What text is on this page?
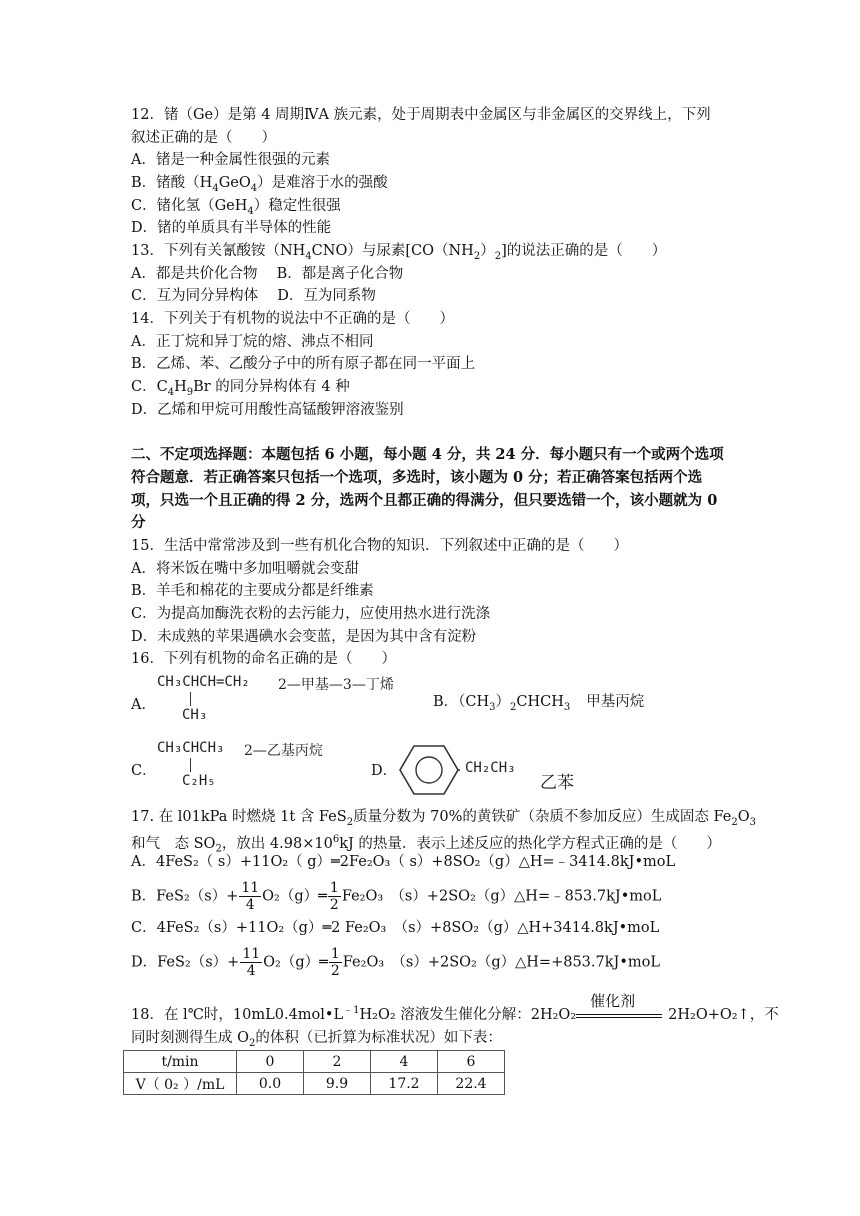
12．锗（Ge）是第 4 周期ⅣA 族元素，处于周期表中金属区与非金属区的交界线上，下列
叙述正确的是（　　）
A．锗是一种金属性很强的元素
B．锗酸$(H_4GeO_4)$是难溶于水的强酸
C．锗化氢（GeH$_4$）稳定性很强
D．锗的单质具有半导体的性能
13．下列有关氰酸铵$(NH_4CNO)$与尿素$[CO(NH_2)_2]$的说法正确的是（　　）
A．都是共价化合物　 B．都是离子化合物
C．互为同分异构体　 D．互为同系物
14．下列关于有机物的说法中不正确的是（　　）
A．正丁烷和异丁烷的熔、沸点不相同
B．乙烯、苯、乙酸分子中的所有原子都在同一平面上
C．$C_4H_9Br$ 的同分异构体有 4 种
D．乙烯和甲烷可用酸性高锰酸钾溶液鉴别
二、不定项选择题：本题包括 6 小题，每小题 4 分，共 24 分．每小题只有一个或两个选项
符合题意．若正确答案只包括一个选项，多选时，该小题为 0 分；若正确答案包括两个选
项，只选一个且正确的得 2 分，选两个且都正确的得满分，但只要选错一个，该小题就为 0
分
15．生活中常常涉及到一些有机化合物的知识．下列叙述中正确的是（　　）
A．将米饭在嘴中多加咀嚼就会变甜
B．羊毛和棉花的主要成分都是纤维素
C．为提高加酶洗衣粉的去污能力，应使用热水进行洗涤
D．未成熟的苹果遇碘水会变蓝，是因为其中含有淀粉
16．下列有机物的命名正确的是（　　）
A．
CH₃CHCH=CH₂
CH₃
2—甲基—3—丁烯
B．$(CH_3)_2CHCH_3$ 甲基丙烷
C．
CH₃CHCH₃
C₂H₅
2—乙基丙烷
D．	CH₂CH₃
乙苯
17. 在 l01kPa 时燃烧 1t 含 FeS$_2$质量分数为 70%的黄铁矿（杂质不参加反应）生成固态 $Fe_2O_3$
和气　态 $SO_2$，放出 $4.98\times 10^6kJ$ 的热量．表示上述反应的热化学方程式正确的是（　　）
A．4FeS₂（ s）+11O₂（ g）═2Fe₂O₃（ s）+8SO₂（g）△H=﹣3414.8kJ•moL
B．$FeS_2(s)+ \frac{11}{4}$ O₂（g）═ $\frac{1}{2} Fe_2O_3$　（s）+2SO₂（g）△H=﹣853.7kJ•moL
C．4FeS₂（s）+11O₂（g）═2 Fe₂O₃　（s）+8SO₂（g）△H+3414.8kJ•moL
D．$FeS_2(s)+ \frac{11}{4}$ O₂（g）═ $\frac{1}{2} Fe_2O_3$　（s）+2SO₂（g）△H=+853.7kJ•moL
18．在 l℃时，$10mL0.4mol•L^{﹣1}H_2O_2$ 溶液发生催化分解：2H₂O₂
催化剂
2H₂O+O₂↑，不
同时刻测得生成 $O_2$的体积（已折算为标准状况）如下表：
t/min	0	2	4	6
V（ 0₂ ）/mL	0.0	9.9	17.2	22.4
